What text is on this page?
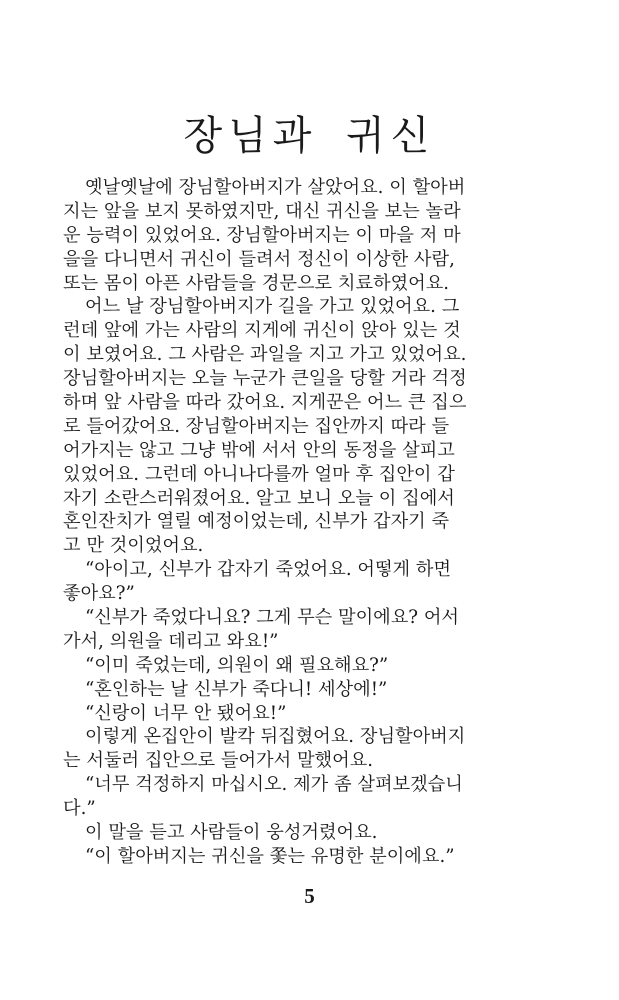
장님과 귀신
옛날옛날에 장님할아버지가 살았어요. 이 할아버
지는 앞을 보지 못하였지만, 대신 귀신을 보는 놀라
운 능력이 있었어요. 장님할아버지는 이 마을 저 마
을을 다니면서 귀신이 들려서 정신이 이상한 사람,
또는 몸이 아픈 사람들을 경문으로 치료하였어요.
어느 날 장님할아버지가 길을 가고 있었어요. 그
런데 앞에 가는 사람의 지게에 귀신이 앉아 있는 것
이 보였어요. 그 사람은 과일을 지고 가고 있었어요.
장님할아버지는 오늘 누군가 큰일을 당할 거라 걱정
하며 앞 사람을 따라 갔어요. 지게꾼은 어느 큰 집으
로 들어갔어요. 장님할아버지는 집안까지 따라 들
어가지는 않고 그냥 밖에 서서 안의 동정을 살피고
있었어요. 그런데 아니나다를까 얼마 후 집안이 갑
자기 소란스러워졌어요. 알고 보니 오늘 이 집에서
혼인잔치가 열릴 예정이었는데, 신부가 갑자기 죽
고 만 것이었어요.
“아이고, 신부가 갑자기 죽었어요. 어떻게 하면
좋아요?”
“신부가 죽었다니요? 그게 무슨 말이에요? 어서
가서, 의원을 데리고 와요!”
“이미 죽었는데, 의원이 왜 필요해요?”
“혼인하는 날 신부가 죽다니! 세상에!”
“신랑이 너무 안 됐어요!”
이렇게 온집안이 발칵 뒤집혔어요. 장님할아버지
는 서둘러 집안으로 들어가서 말했어요.
“너무 걱정하지 마십시오. 제가 좀 살펴보겠습니
다.”
이 말을 듣고 사람들이 웅성거렸어요.
“이 할아버지는 귀신을 쫓는 유명한 분이에요.”
5
